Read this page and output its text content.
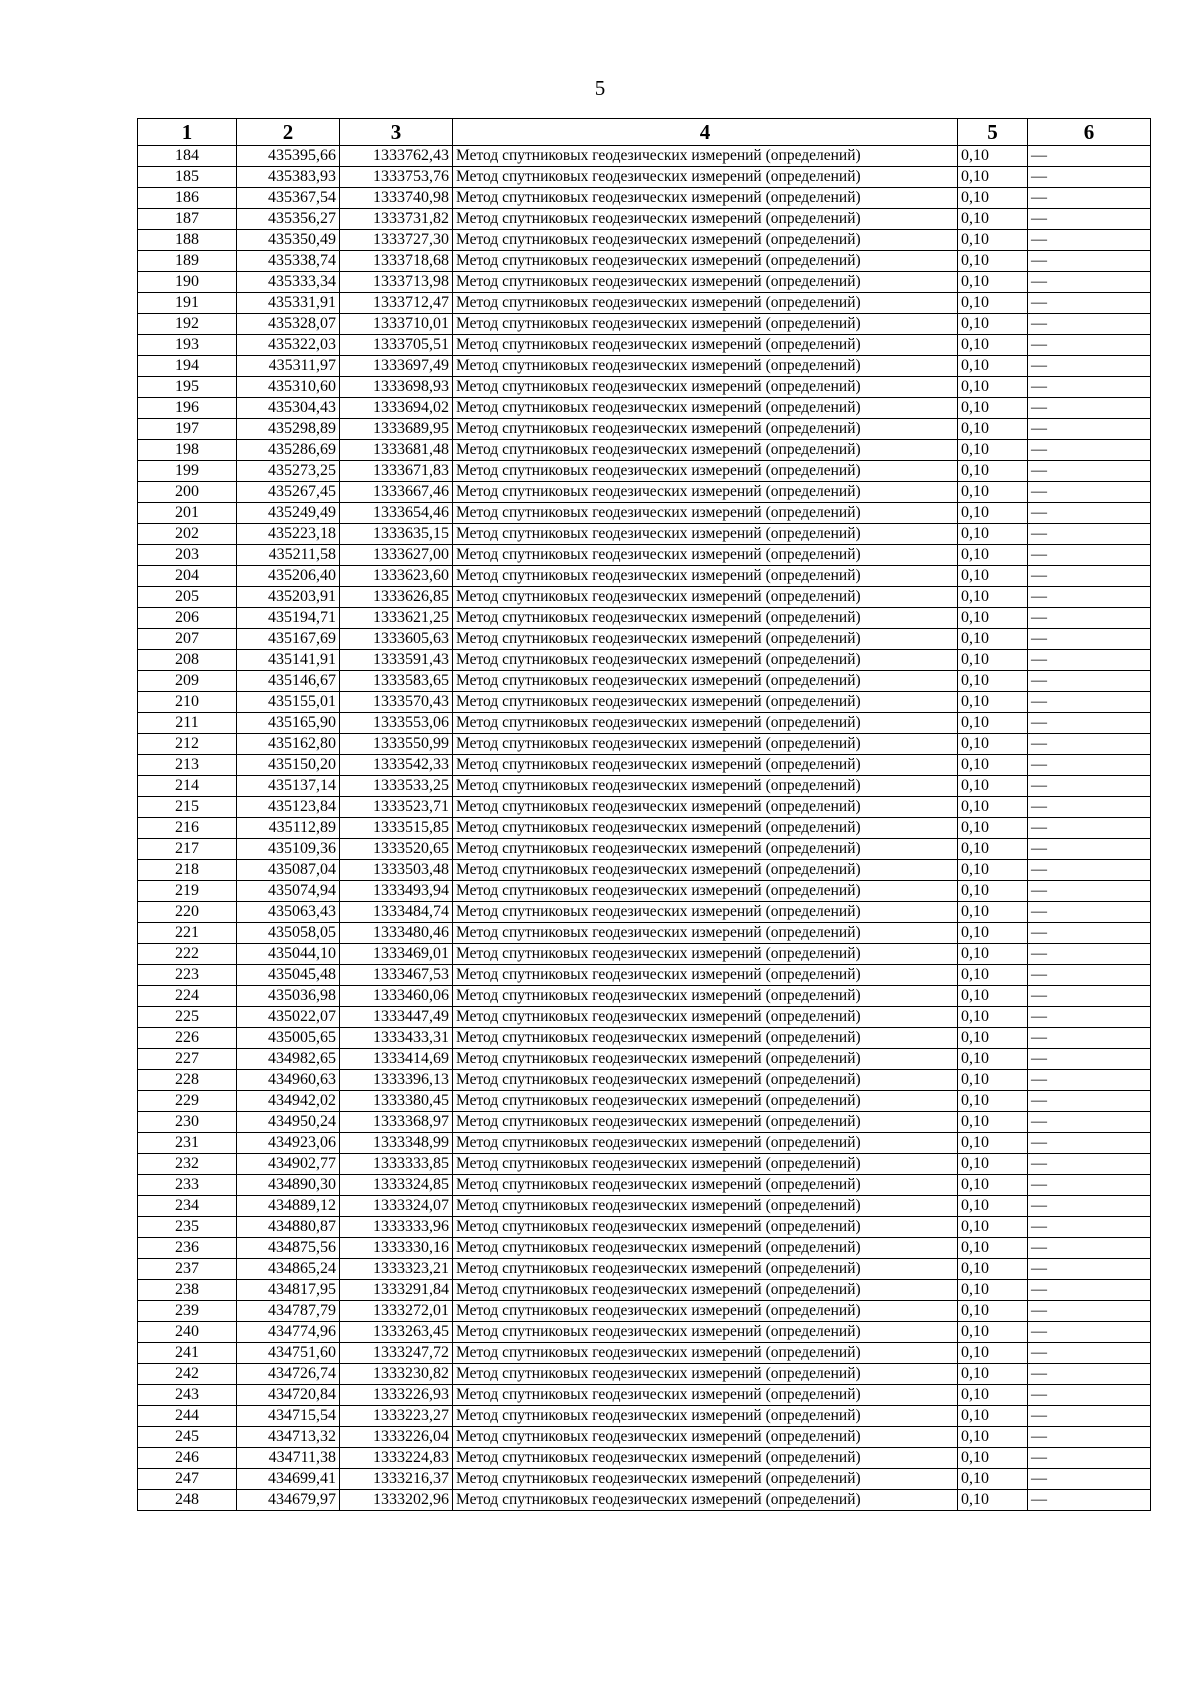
5
1	2	3	4	5	6
184	435395,66	1333762,43	Метод спутниковых геодезических измерений (определений)	0,10	—
185	435383,93	1333753,76	Метод спутниковых геодезических измерений (определений)	0,10	—
186	435367,54	1333740,98	Метод спутниковых геодезических измерений (определений)	0,10	—
187	435356,27	1333731,82	Метод спутниковых геодезических измерений (определений)	0,10	—
188	435350,49	1333727,30	Метод спутниковых геодезических измерений (определений)	0,10	—
189	435338,74	1333718,68	Метод спутниковых геодезических измерений (определений)	0,10	—
190	435333,34	1333713,98	Метод спутниковых геодезических измерений (определений)	0,10	—
191	435331,91	1333712,47	Метод спутниковых геодезических измерений (определений)	0,10	—
192	435328,07	1333710,01	Метод спутниковых геодезических измерений (определений)	0,10	—
193	435322,03	1333705,51	Метод спутниковых геодезических измерений (определений)	0,10	—
194	435311,97	1333697,49	Метод спутниковых геодезических измерений (определений)	0,10	—
195	435310,60	1333698,93	Метод спутниковых геодезических измерений (определений)	0,10	—
196	435304,43	1333694,02	Метод спутниковых геодезических измерений (определений)	0,10	—
197	435298,89	1333689,95	Метод спутниковых геодезических измерений (определений)	0,10	—
198	435286,69	1333681,48	Метод спутниковых геодезических измерений (определений)	0,10	—
199	435273,25	1333671,83	Метод спутниковых геодезических измерений (определений)	0,10	—
200	435267,45	1333667,46	Метод спутниковых геодезических измерений (определений)	0,10	—
201	435249,49	1333654,46	Метод спутниковых геодезических измерений (определений)	0,10	—
202	435223,18	1333635,15	Метод спутниковых геодезических измерений (определений)	0,10	—
203	435211,58	1333627,00	Метод спутниковых геодезических измерений (определений)	0,10	—
204	435206,40	1333623,60	Метод спутниковых геодезических измерений (определений)	0,10	—
205	435203,91	1333626,85	Метод спутниковых геодезических измерений (определений)	0,10	—
206	435194,71	1333621,25	Метод спутниковых геодезических измерений (определений)	0,10	—
207	435167,69	1333605,63	Метод спутниковых геодезических измерений (определений)	0,10	—
208	435141,91	1333591,43	Метод спутниковых геодезических измерений (определений)	0,10	—
209	435146,67	1333583,65	Метод спутниковых геодезических измерений (определений)	0,10	—
210	435155,01	1333570,43	Метод спутниковых геодезических измерений (определений)	0,10	—
211	435165,90	1333553,06	Метод спутниковых геодезических измерений (определений)	0,10	—
212	435162,80	1333550,99	Метод спутниковых геодезических измерений (определений)	0,10	—
213	435150,20	1333542,33	Метод спутниковых геодезических измерений (определений)	0,10	—
214	435137,14	1333533,25	Метод спутниковых геодезических измерений (определений)	0,10	—
215	435123,84	1333523,71	Метод спутниковых геодезических измерений (определений)	0,10	—
216	435112,89	1333515,85	Метод спутниковых геодезических измерений (определений)	0,10	—
217	435109,36	1333520,65	Метод спутниковых геодезических измерений (определений)	0,10	—
218	435087,04	1333503,48	Метод спутниковых геодезических измерений (определений)	0,10	—
219	435074,94	1333493,94	Метод спутниковых геодезических измерений (определений)	0,10	—
220	435063,43	1333484,74	Метод спутниковых геодезических измерений (определений)	0,10	—
221	435058,05	1333480,46	Метод спутниковых геодезических измерений (определений)	0,10	—
222	435044,10	1333469,01	Метод спутниковых геодезических измерений (определений)	0,10	—
223	435045,48	1333467,53	Метод спутниковых геодезических измерений (определений)	0,10	—
224	435036,98	1333460,06	Метод спутниковых геодезических измерений (определений)	0,10	—
225	435022,07	1333447,49	Метод спутниковых геодезических измерений (определений)	0,10	—
226	435005,65	1333433,31	Метод спутниковых геодезических измерений (определений)	0,10	—
227	434982,65	1333414,69	Метод спутниковых геодезических измерений (определений)	0,10	—
228	434960,63	1333396,13	Метод спутниковых геодезических измерений (определений)	0,10	—
229	434942,02	1333380,45	Метод спутниковых геодезических измерений (определений)	0,10	—
230	434950,24	1333368,97	Метод спутниковых геодезических измерений (определений)	0,10	—
231	434923,06	1333348,99	Метод спутниковых геодезических измерений (определений)	0,10	—
232	434902,77	1333333,85	Метод спутниковых геодезических измерений (определений)	0,10	—
233	434890,30	1333324,85	Метод спутниковых геодезических измерений (определений)	0,10	—
234	434889,12	1333324,07	Метод спутниковых геодезических измерений (определений)	0,10	—
235	434880,87	1333333,96	Метод спутниковых геодезических измерений (определений)	0,10	—
236	434875,56	1333330,16	Метод спутниковых геодезических измерений (определений)	0,10	—
237	434865,24	1333323,21	Метод спутниковых геодезических измерений (определений)	0,10	—
238	434817,95	1333291,84	Метод спутниковых геодезических измерений (определений)	0,10	—
239	434787,79	1333272,01	Метод спутниковых геодезических измерений (определений)	0,10	—
240	434774,96	1333263,45	Метод спутниковых геодезических измерений (определений)	0,10	—
241	434751,60	1333247,72	Метод спутниковых геодезических измерений (определений)	0,10	—
242	434726,74	1333230,82	Метод спутниковых геодезических измерений (определений)	0,10	—
243	434720,84	1333226,93	Метод спутниковых геодезических измерений (определений)	0,10	—
244	434715,54	1333223,27	Метод спутниковых геодезических измерений (определений)	0,10	—
245	434713,32	1333226,04	Метод спутниковых геодезических измерений (определений)	0,10	—
246	434711,38	1333224,83	Метод спутниковых геодезических измерений (определений)	0,10	—
247	434699,41	1333216,37	Метод спутниковых геодезических измерений (определений)	0,10	—
248	434679,97	1333202,96	Метод спутниковых геодезических измерений (определений)	0,10	—
